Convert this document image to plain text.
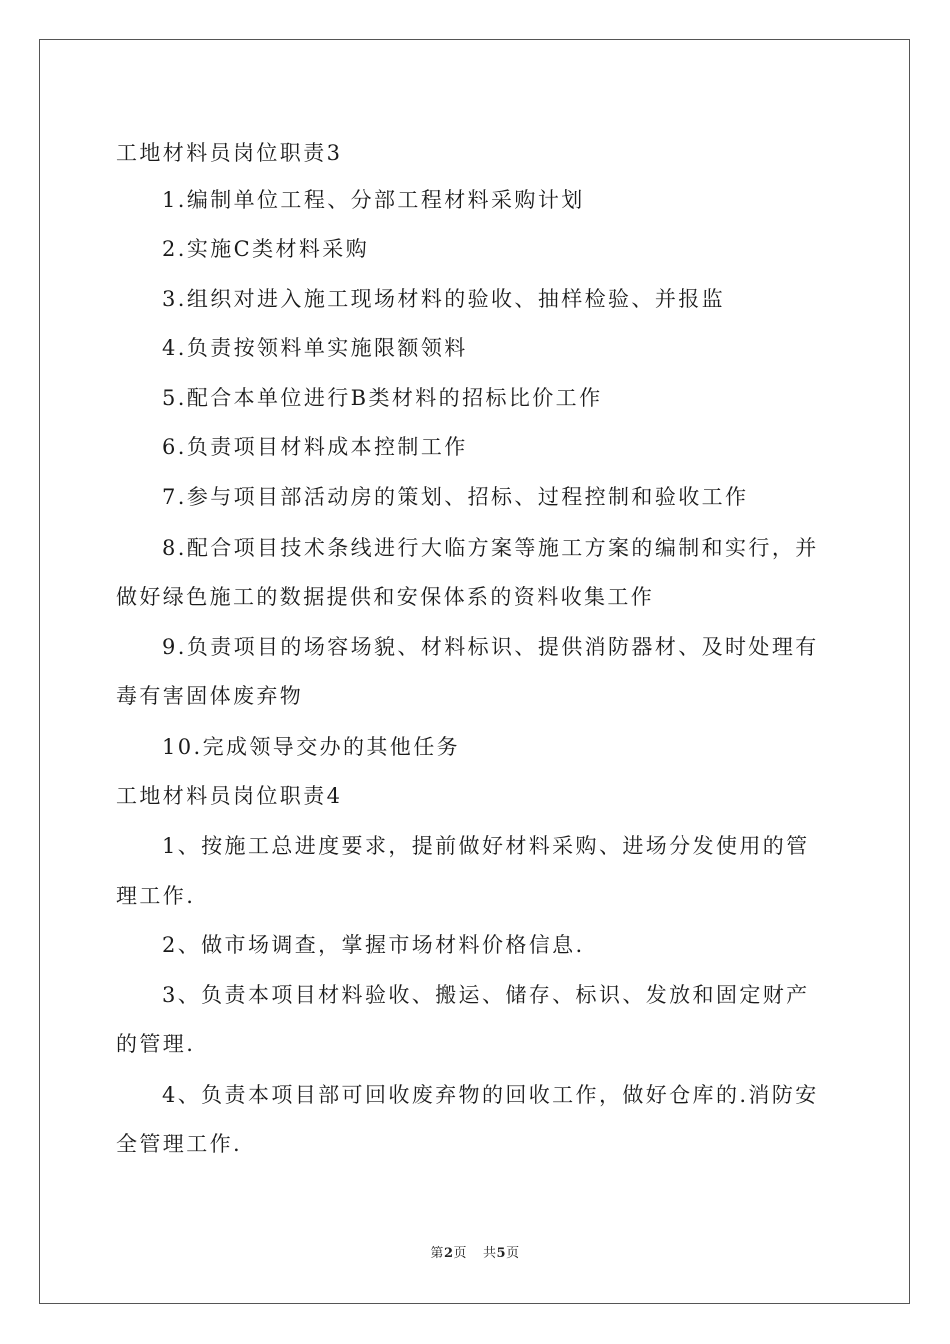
工地材料员岗位职责3
1.编制单位工程、分部工程材料采购计划
2.实施C类材料采购
3.组织对进入施工现场材料的验收、抽样检验、并报监
4.负责按领料单实施限额领料
5.配合本单位进行B类材料的招标比价工作
6.负责项目材料成本控制工作
7.参与项目部活动房的策划、招标、过程控制和验收工作
8.配合项目技术条线进行大临方案等施工方案的编制和实行，并
做好绿色施工的数据提供和安保体系的资料收集工作
9.负责项目的场容场貌、材料标识、提供消防器材、及时处理有
毒有害固体废弃物
10.完成领导交办的其他任务
工地材料员岗位职责4
1、按施工总进度要求，提前做好材料采购、进场分发使用的管
理工作.
2、做市场调查，掌握市场材料价格信息.
3、负责本项目材料验收、搬运、储存、标识、发放和固定财产
的管理.
4、负责本项目部可回收废弃物的回收工作，做好仓库的.消防安
全管理工作.
第2页 共5页
